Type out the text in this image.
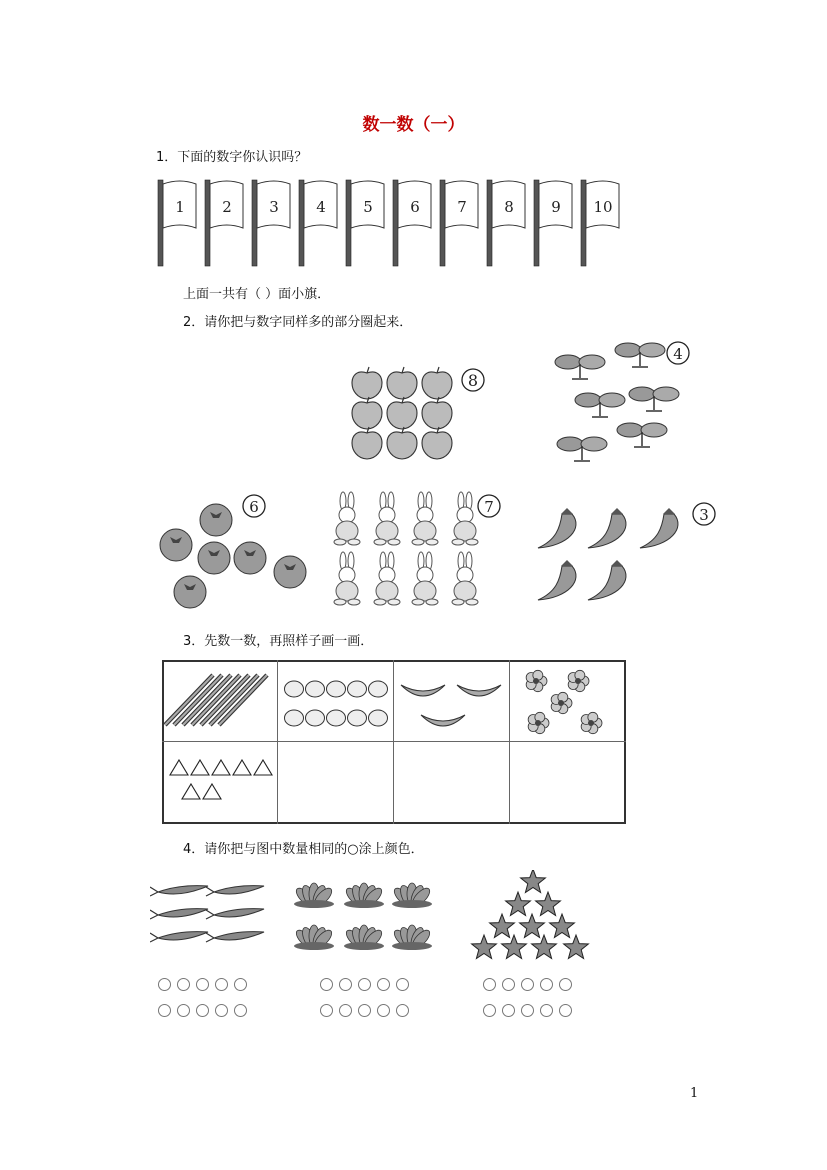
数一数（一）
1．下面的数字你认识吗？
1 2 3 4 5 6 7 8 9 10
上面一共有（ ）面小旗．
2．请你把与数字同样多的部分圈起来．
8
4
6	7	3
3．先数一数，再照样子画一画．
4．请你把与图中数量相同的○涂上颜色．
1
